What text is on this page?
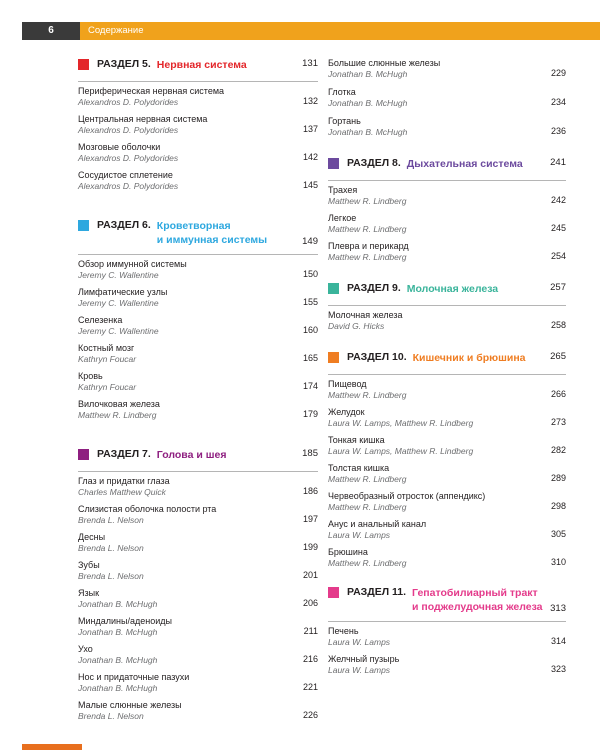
6	Содержание
РАЗДЕЛ 5. Нервная система	131
Периферическая нервная система
Alexandros D. Polydorides	132
Центральная нервная система
Alexandros D. Polydorides	137
Мозговые оболочки
Alexandros D. Polydorides	142
Сосудистое сплетение
Alexandros D. Polydorides	145
РАЗДЕЛ 6. Кроветворная
и иммунная системы	149
Обзор иммунной системы
Jeremy C. Wallentine	150
Лимфатические узлы
Jeremy C. Wallentine	155
Селезенка
Jeremy C. Wallentine	160
Костный мозг
Kathryn Foucar	165
Кровь
Kathryn Foucar	174
Вилочковая железа
Matthew R. Lindberg	179
РАЗДЕЛ 7. Голова и шея	185
Глаз и придатки глаза
Charles Matthew Quick	186
Слизистая оболочка полости рта
Brenda L. Nelson	197
Десны
Brenda L. Nelson	199
Зубы
Brenda L. Nelson	201
Язык
Jonathan B. McHugh	206
Миндалины/аденоиды
Jonathan B. McHugh	211
Ухо
Jonathan B. McHugh	216
Нос и придаточные пазухи
Jonathan B. McHugh	221
Малые слюнные железы
Brenda L. Nelson	226
Большие слюнные железы
Jonathan B. McHugh	229
Глотка
Jonathan B. McHugh	234
Гортань
Jonathan B. McHugh	236
РАЗДЕЛ 8. Дыхательная система	241
Трахея
Matthew R. Lindberg	242
Легкое
Matthew R. Lindberg	245
Плевра и перикард
Matthew R. Lindberg	254
РАЗДЕЛ 9. Молочная железа	257
Молочная железа
David G. Hicks	258
РАЗДЕЛ 10. Кишечник и брюшина	265
Пищевод
Matthew R. Lindberg	266
Желудок
Laura W. Lamps, Matthew R. Lindberg	273
Тонкая кишка
Laura W. Lamps, Matthew R. Lindberg	282
Толстая кишка
Matthew R. Lindberg	289
Червеобразный отросток (аппендикс)
Matthew R. Lindberg	298
Анус и анальный канал
Laura W. Lamps	305
Брюшина
Matthew R. Lindberg	310
РАЗДЕЛ 11. Гепатобилиарный тракт
и поджелудочная железа 313
Печень
Laura W. Lamps	314
Желчный пузырь
Laura W. Lamps	323
